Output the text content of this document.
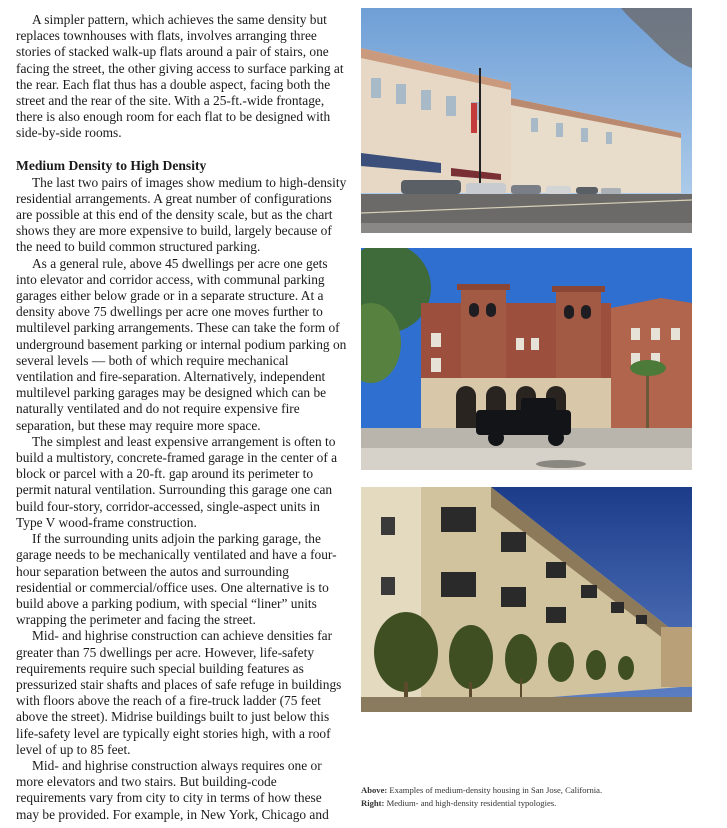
A simpler pattern, which achieves the same density but replaces townhouses with flats, involves arranging three stories of stacked walk-up flats around a pair of stairs, one facing the street, the other giving access to surface parking at the rear. Each flat thus has a double aspect, facing both the street and the rear of the site. With a 25-ft.-wide frontage, there is also enough room for each flat to be designed with side-by-side rooms.

Medium Density to High Density

The last two pairs of images show medium to high-density residential arrangements. A great number of configurations are possible at this end of the density scale, but as the chart shows they are more expensive to build, largely because of the need to build common structured parking.

As a general rule, above 45 dwellings per acre one gets into elevator and corridor access, with communal parking garages either below grade or in a separate structure. At a density above 75 dwellings per acre one moves further to multilevel parking arrangements. These can take the form of underground basement parking or internal podium parking on several levels — both of which require mechanical ventilation and fire-separation. Alternatively, independent multilevel parking garages may be designed which can be naturally ventilated and do not require expensive fire separation, but these may require more space.

The simplest and least expensive arrangement is often to build a multistory, concrete-framed garage in the center of a block or parcel with a 20-ft. gap around its perimeter to permit natural ventilation. Surrounding this garage one can build four-story, corridor-accessed, single-aspect units in Type V wood-frame construction.

If the surrounding units adjoin the parking garage, the garage needs to be mechanically ventilated and have a four-hour separation between the autos and surrounding residential or commercial/office uses. One alternative is to build above a parking podium, with special “liner” units wrapping the perimeter and facing the street.

Mid- and highrise construction can achieve densities far greater than 75 dwellings per acre. However, life-safety requirements require such special building features as pressurized stair shafts and places of safe refuge in buildings with floors above the reach of a fire-truck ladder (75 feet above the street). Midrise buildings built to just below this life-safety level are typically eight stories high, with a roof level of up to 85 feet.

Mid- and highrise construction always requires one or more elevators and two stairs. But building-code requirements vary from city to city in terms of how these may be provided. For example, in New York, Chicago and

Above: Examples of medium-density housing in San Jose, California.
Right: Medium- and high-density residential typologies.
